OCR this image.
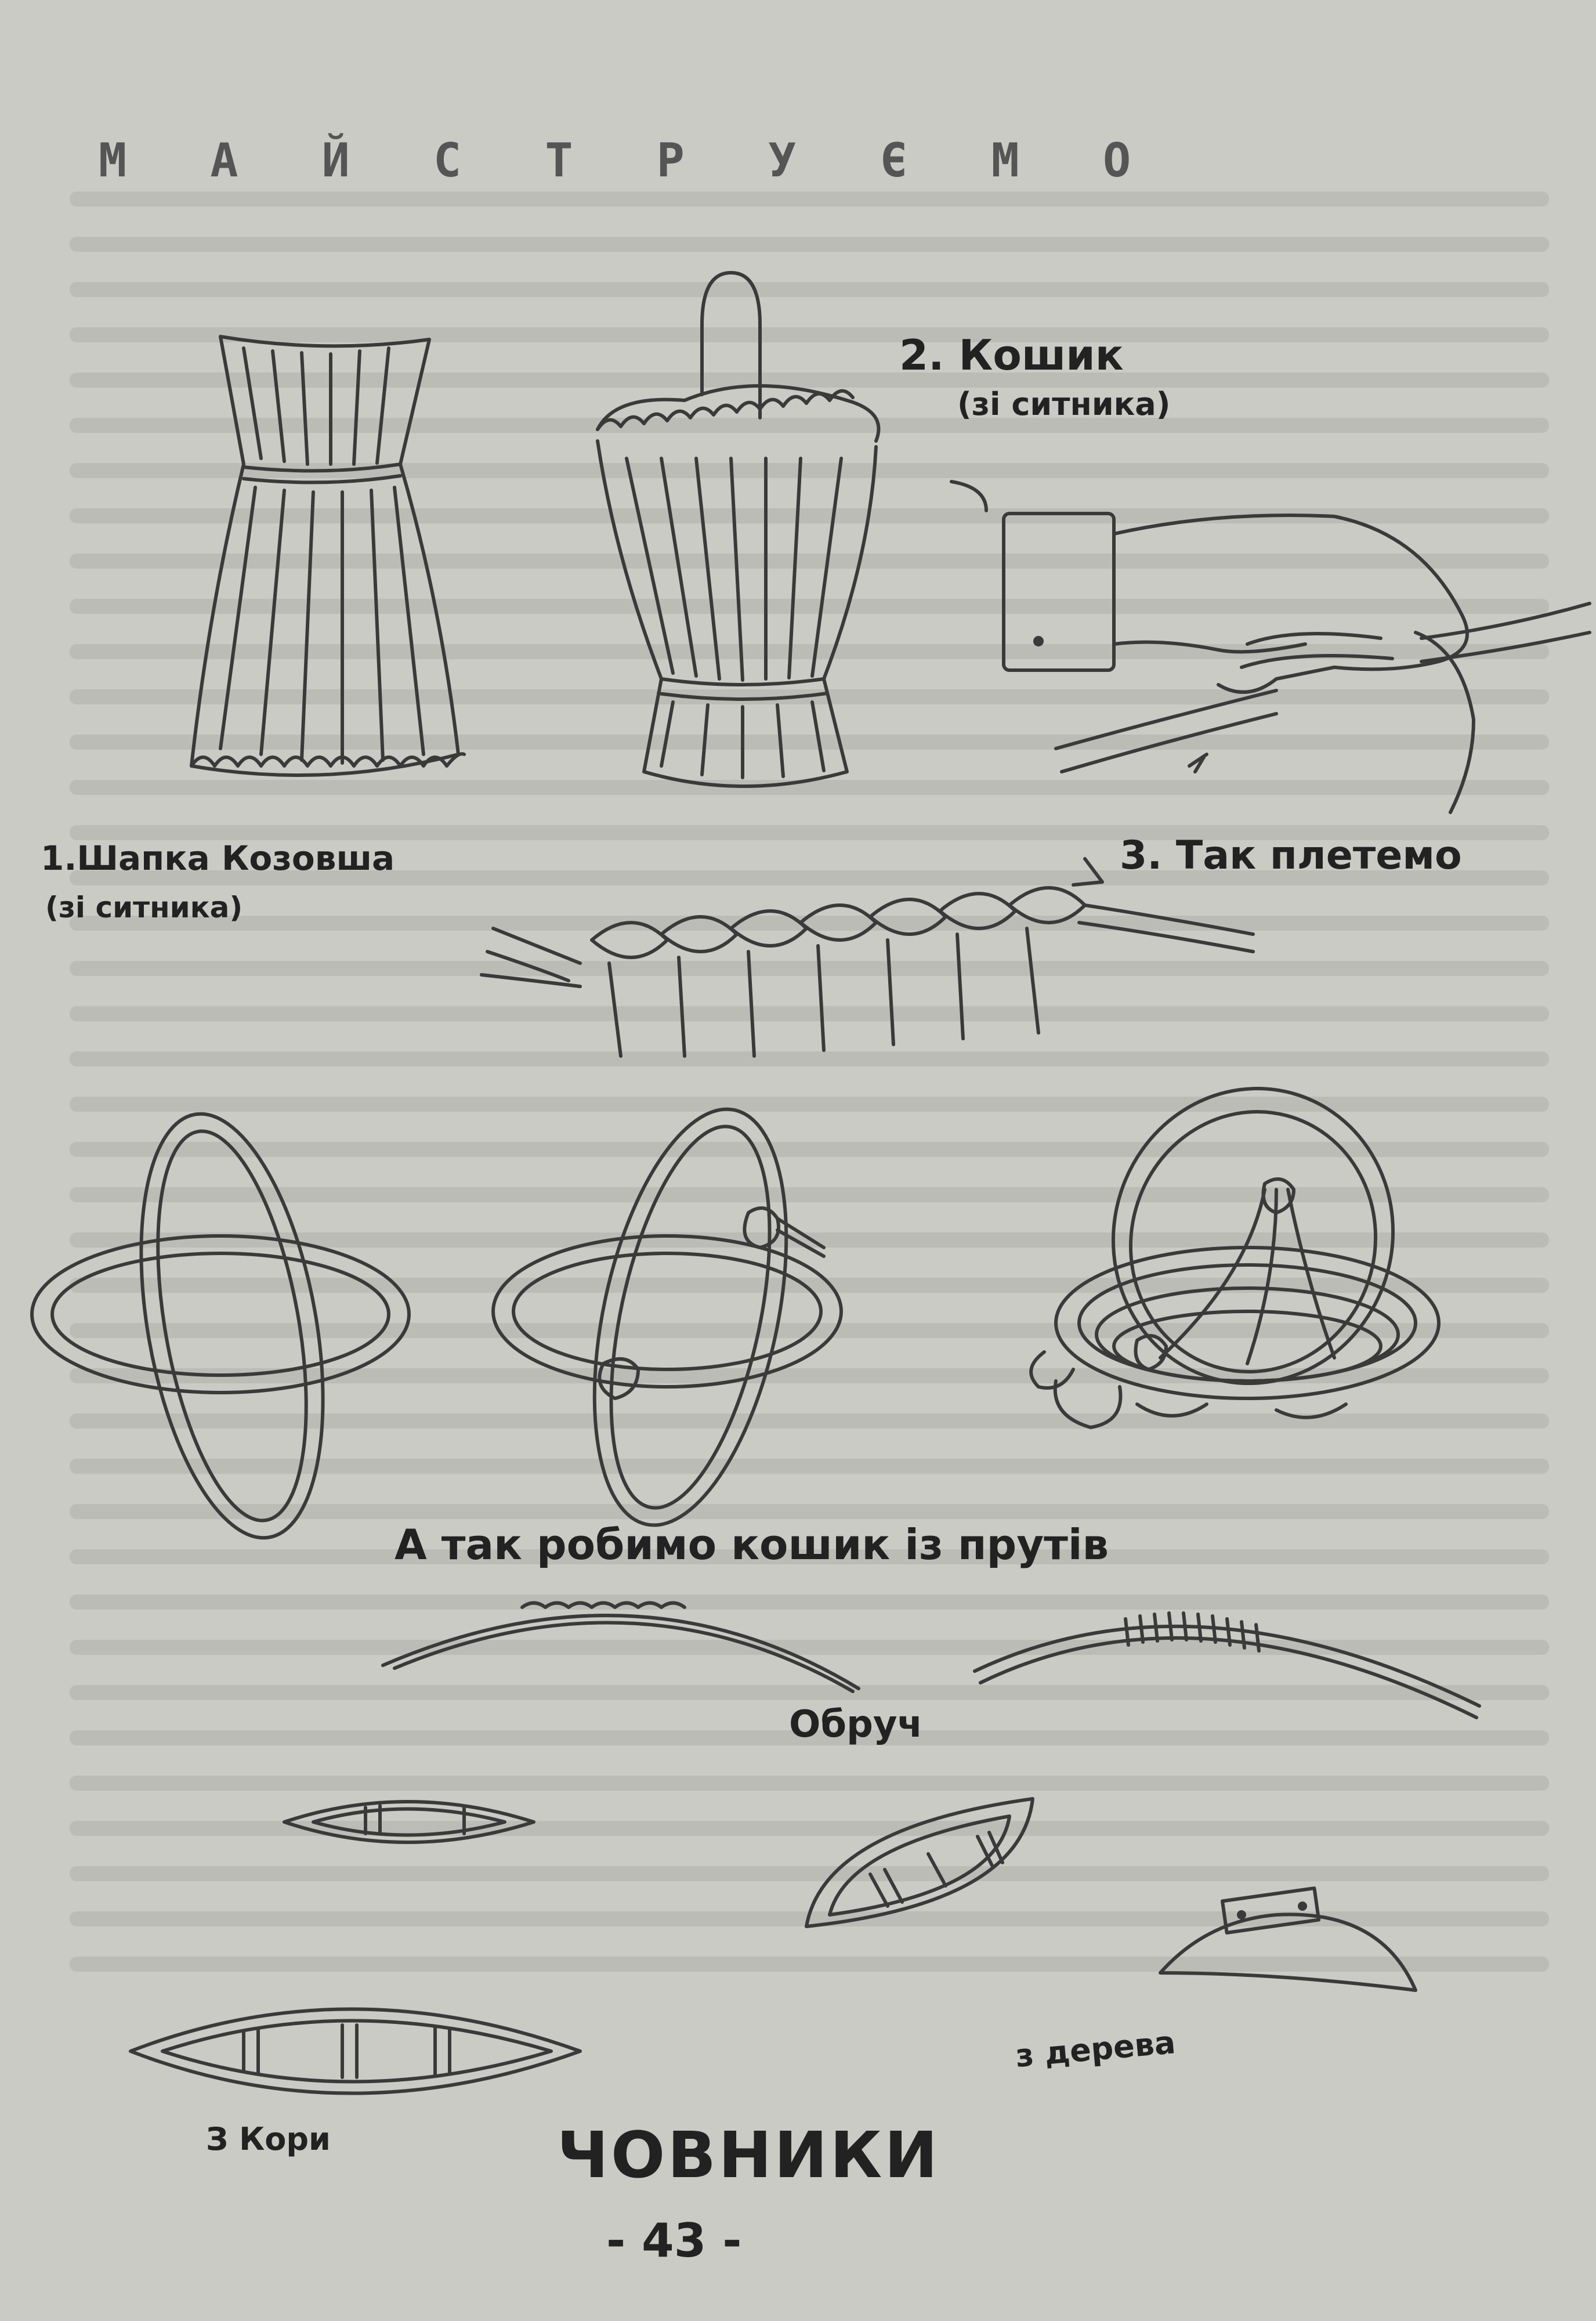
М А Й С Т Р У Є М О
1.Шапка Козовша
(зі ситника)
2. Кошик
(зі ситника)
3. Так плетемо
А так робимо кошик із прутів
Обруч
З Кори
з дерева
ЧОВНИКИ
- 43 -
